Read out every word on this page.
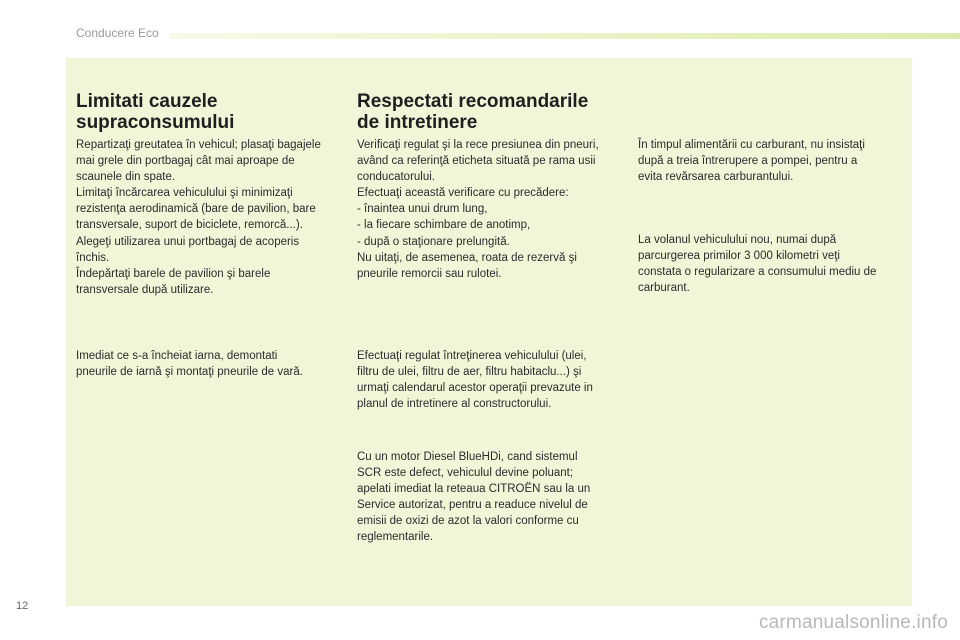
Conducere Eco
Limitati cauzele
supraconsumului

Repartizaţi greutatea în vehicul; plasaţi bagajele
mai grele din portbagaj cât mai aproape de
scaunele din spate.
Limitaţi încărcarea vehiculului şi minimizaţi
rezistenţa aerodinamică (bare de pavilion, bare
transversale, suport de biciclete, remorcă...).
Alegeţi utilizarea unui portbagaj de acoperis
închis.
Îndepărtaţi barele de pavilion şi barele
transversale după utilizare.

Imediat ce s-a încheiat iarna, demontati
pneurile de iarnă şi montaţi pneurile de vară.

Respectati recomandarile
de intretinere

Verificaţi regulat şi la rece presiunea din pneuri,
având ca referinţă eticheta situată pe rama usii
conducatorului.
Efectuaţi această verificare cu precădere:
- înaintea unui drum lung,
- la fiecare schimbare de anotimp,
- după o staţionare prelungită.
Nu uitaţi, de asemenea, roata de rezervă şi
pneurile remorcii sau rulotei.

Efectuaţi regulat întreţinerea vehiculului (ulei,
filtru de ulei, filtru de aer, filtru habitaclu...) şi
urmaţi calendarul acestor operaţii prevazute in
planul de intretinere al constructorului.

Cu un motor Diesel BlueHDi, cand sistemul
SCR este defect, vehiculul devine poluant;
apelati imediat la reteaua CITROËN sau la un
Service autorizat, pentru a readuce nivelul de
emisii de oxizi de azot la valori conforme cu
reglementarile.

În timpul alimentării cu carburant, nu insistaţi
după a treia întrerupere a pompei, pentru a
evita revărsarea carburantului.

La volanul vehiculului nou, numai după
parcurgerea primilor 3 000 kilometri veţi
constata o regularizare a consumului mediu de
carburant.

12
carmanualsonline.info
